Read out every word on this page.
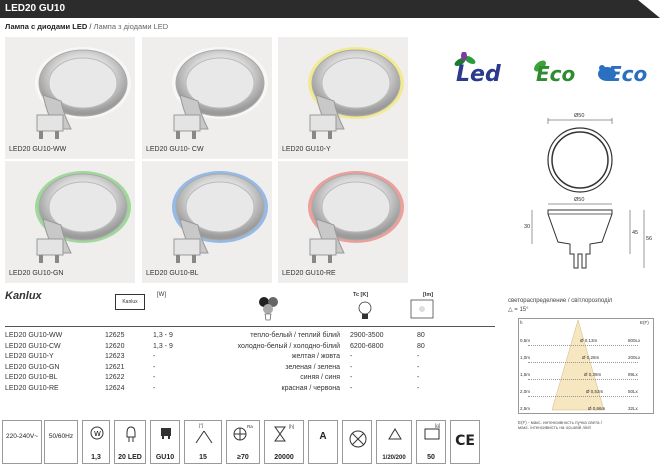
LED20 GU10
Лампа с диодами LED / Лампа з діодами LED
LED20 GU10-WW	LED20 GU10- CW	LED20 GU10-Y
LED20 GU10-GN	LED20 GU10-BL	LED20 GU10-RE
Led Eco Eco
Ø50
Ø50
30
45
56
Kanlux	Kanlux
[W]	Tc [K]	[lm]
LED20 GU10-WW	12625	1,3 - 9	тепло-белый / теплий білий 2900-3500	80
LED20 GU10-CW	12620	1,3 - 9	холодно-белый / холодно-білий 6200-6800	80
LED20 GU10-Y	12623	-	желтая / жовта -	-
LED20 GU10-GN	12621	-	зеленая / зелена -	-
LED20 GU10-BL	12622	-	синяя / синя -	-
LED20 GU10-RE	12624	-	красная / червона -	-
светораспределение / світлорозподіл
△ = 15°
h	E(F)
0,5m	Ø 0,13m	800Lx
1,0m	Ø 0,26m	200Lx
1,5m	Ø 0,39m	89Lx
2,0m	Ø 0,53m	50Lx
2,5m	Ø 0,66m	32Lx
E(F) - макс. интенсивность пучка света /
макс. інтенсивність на осьовій лінії
220-240V~ 50/60Hz	W
1,3	20 LED	GU10
[°]
15
Ra
≥70
[h]
20000
A
1/20/200
[g]
50
CE
